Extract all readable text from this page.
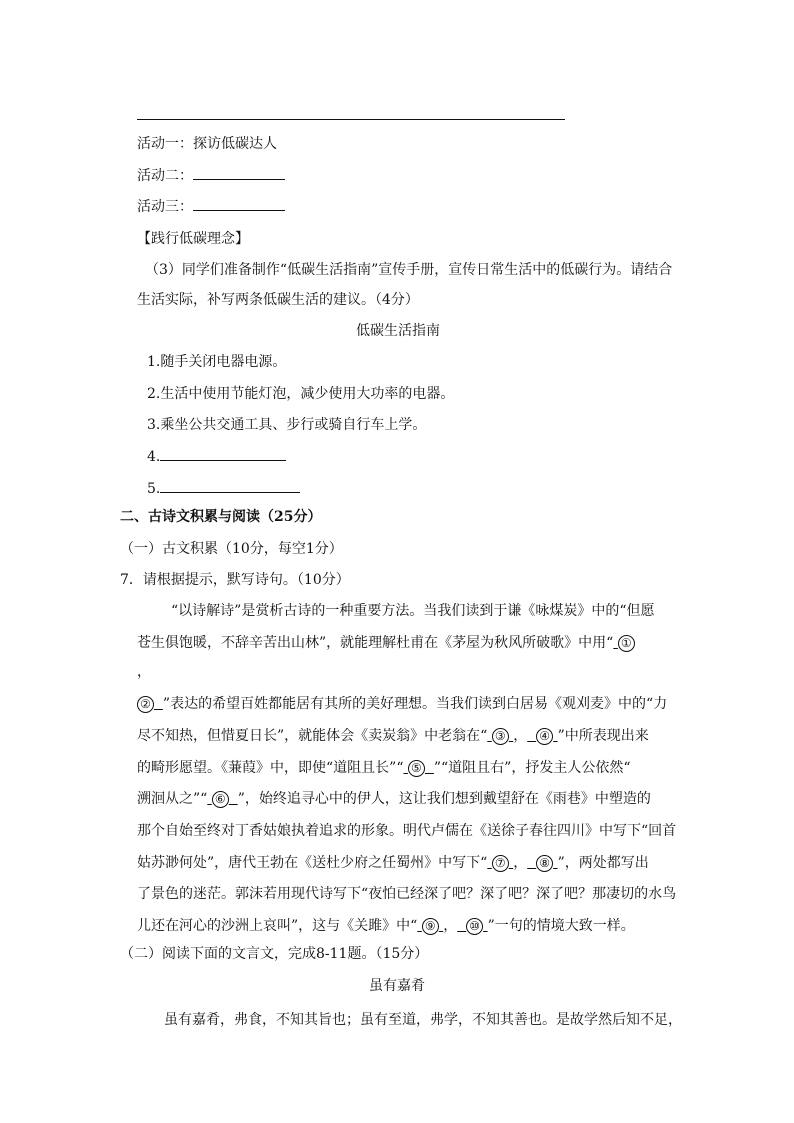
活动一：探访低碳达人
活动二：
活动三：
【践行低碳理念】
（3）同学们准备制作“低碳生活指南”宣传手册，宣传日常生活中的低碳行为。请结合
生活实际，补写两条低碳生活的建议。（4分）
低碳生活指南
1.随手关闭电器电源。
2.生活中使用节能灯泡，减少使用大功率的电器。
3.乘坐公共交通工具、步行或骑自行车上学。
4.
5.
二、古诗文积累与阅读（25分）
（一）古文积累（10分，每空1分）
7．请根据提示，默写诗句。（10分）
“以诗解诗”是赏析古诗的一种重要方法。当我们读到于谦《咏煤炭》中的“但愿
苍生俱饱暖，不辞辛苦出山林”，就能理解杜甫在《茅屋为秋风所破歌》中用“ ①
，
② ”表达的希望百姓都能居有其所的美好理想。当我们读到白居易《观刈麦》中的“力
尽不知热，但惜夏日长”，就能体会《卖炭翁》中老翁在“ ③ ， ④ ”中所表现出来
的畸形愿望。《蒹葭》中，即使“道阻且长”“ ⑤ ”“道阻且右”，抒发主人公依然“
溯洄从之”“ ⑥ ”，始终追寻心中的伊人，这让我们想到戴望舒在《雨巷》中塑造的
那个自始至终对丁香姑娘执着追求的形象。明代卢儒在《送徐子春往四川》中写下“回首
姑苏渺何处”，唐代王勃在《送杜少府之任蜀州》中写下“ ⑦ ， ⑧ ”，两处都写出
了景色的迷茫。郭沫若用现代诗写下“夜怕已经深了吧？深了吧？深了吧？那凄切的水鸟
儿还在河心的沙洲上哀叫”，这与《关雎》中“ ⑨ ， ⑩ ”一句的情境大致一样。
（二）阅读下面的文言文，完成8-11题。（15分）
虽有嘉肴
虽有嘉肴，弗食，不知其旨也；虽有至道，弗学，不知其善也。是故学然后知不足，
